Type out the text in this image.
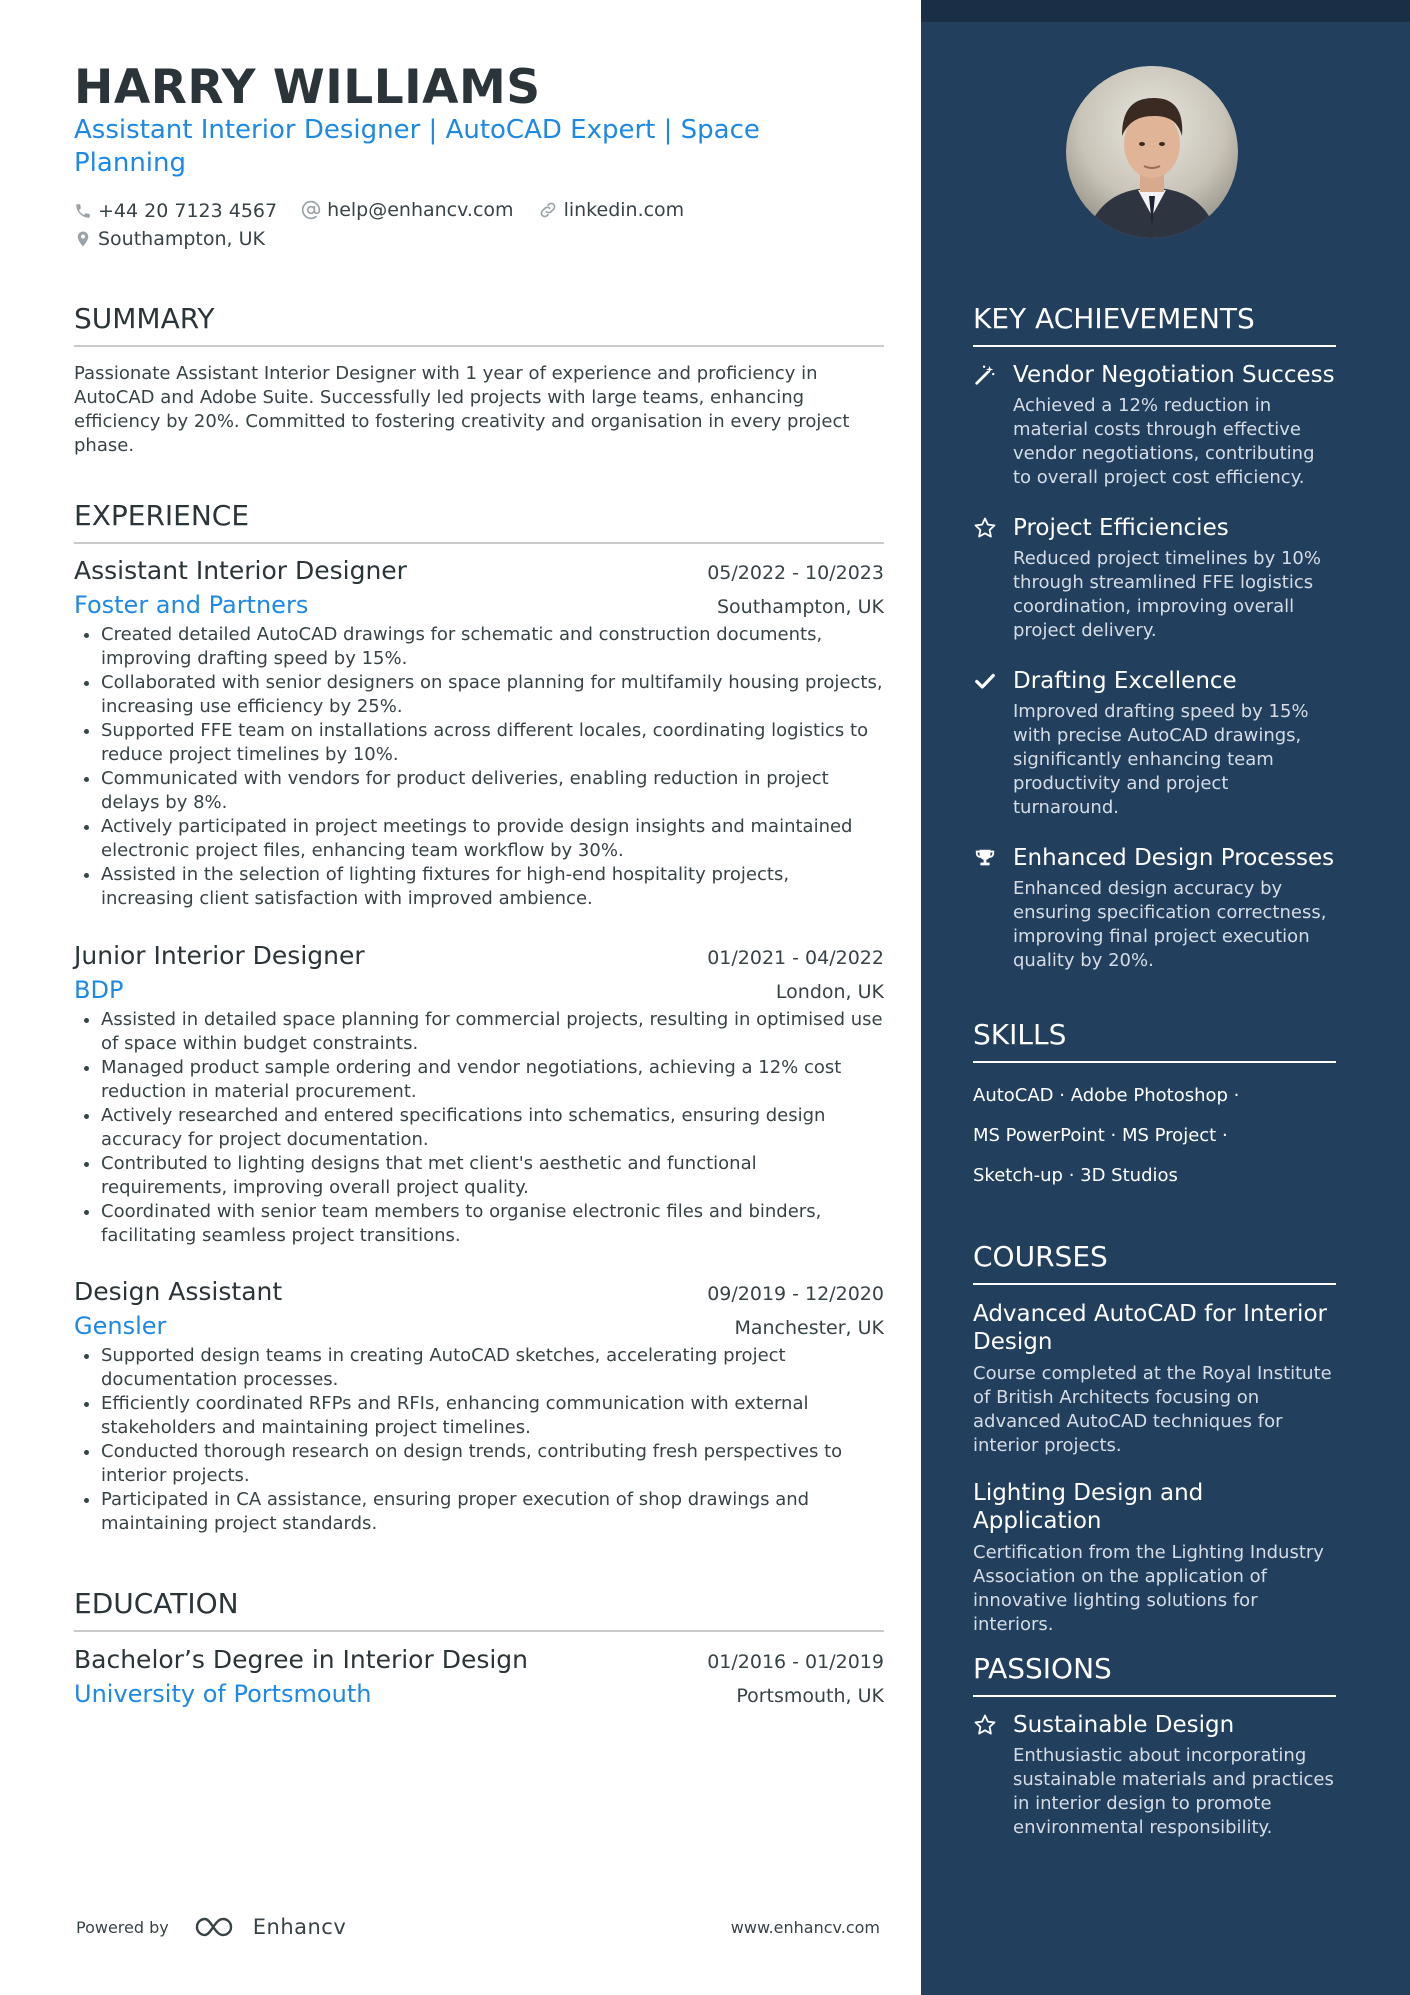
HARRY WILLIAMS
Assistant Interior Designer | AutoCAD Expert | Space Planning
+44 20 7123 4567
	help@enhancv.com
	linkedin.com

Southampton, UK
SUMMARY
Passionate Assistant Interior Designer with 1 year of experience and proficiency in AutoCAD and Adobe Suite. Successfully led projects with large teams, enhancing efficiency by 20%. Committed to fostering creativity and organisation in every project phase.
EXPERIENCE
Assistant Interior Designer	05/2022 - 10/2023
Foster and Partners	Southampton, UK
• Created detailed AutoCAD drawings for schematic and construction documents, improving drafting speed by 15%.
• Collaborated with senior designers on space planning for multifamily housing projects, increasing use efficiency by 25%.
• Supported FFE team on installations across different locales, coordinating logistics to reduce project timelines by 10%.
• Communicated with vendors for product deliveries, enabling reduction in project delays by 8%.
• Actively participated in project meetings to provide design insights and maintained electronic project files, enhancing team workflow by 30%.
• Assisted in the selection of lighting fixtures for high-end hospitality projects, increasing client satisfaction with improved ambience.
Junior Interior Designer	01/2021 - 04/2022
BDP	London, UK
• Assisted in detailed space planning for commercial projects, resulting in optimised use of space within budget constraints.
• Managed product sample ordering and vendor negotiations, achieving a 12% cost reduction in material procurement.
• Actively researched and entered specifications into schematics, ensuring design accuracy for project documentation.
• Contributed to lighting designs that met client's aesthetic and functional requirements, improving overall project quality.
• Coordinated with senior team members to organise electronic files and binders, facilitating seamless project transitions.
Design Assistant	09/2019 - 12/2020
Gensler	Manchester, UK
• Supported design teams in creating AutoCAD sketches, accelerating project documentation processes.
• Efficiently coordinated RFPs and RFIs, enhancing communication with external stakeholders and maintaining project timelines.
• Conducted thorough research on design trends, contributing fresh perspectives to interior projects.
• Participated in CA assistance, ensuring proper execution of shop drawings and maintaining project standards.
EDUCATION
Bachelor’s Degree in Interior Design	01/2016 - 01/2019
University of Portsmouth	Portsmouth, UK
Powered by	Enhancv	www.enhancv.com
KEY ACHIEVEMENTS
Vendor Negotiation Success
Achieved a 12% reduction in material costs through effective vendor negotiations, contributing to overall project cost efficiency.
Project Efficiencies
Reduced project timelines by 10% through streamlined FFE logistics coordination, improving overall project delivery.
Drafting Excellence
Improved drafting speed by 15% with precise AutoCAD drawings, significantly enhancing team productivity and project turnaround.
Enhanced Design Processes
Enhanced design accuracy by ensuring specification correctness, improving final project execution quality by 20%.
SKILLS
AutoCAD · Adobe Photoshop ·
MS PowerPoint · MS Project ·
Sketch-up · 3D Studios
COURSES
Advanced AutoCAD for Interior Design
Course completed at the Royal Institute of British Architects focusing on advanced AutoCAD techniques for interior projects.
Lighting Design and Application
Certification from the Lighting Industry Association on the application of innovative lighting solutions for interiors.
PASSIONS
Sustainable Design
Enthusiastic about incorporating sustainable materials and practices in interior design to promote environmental responsibility.
